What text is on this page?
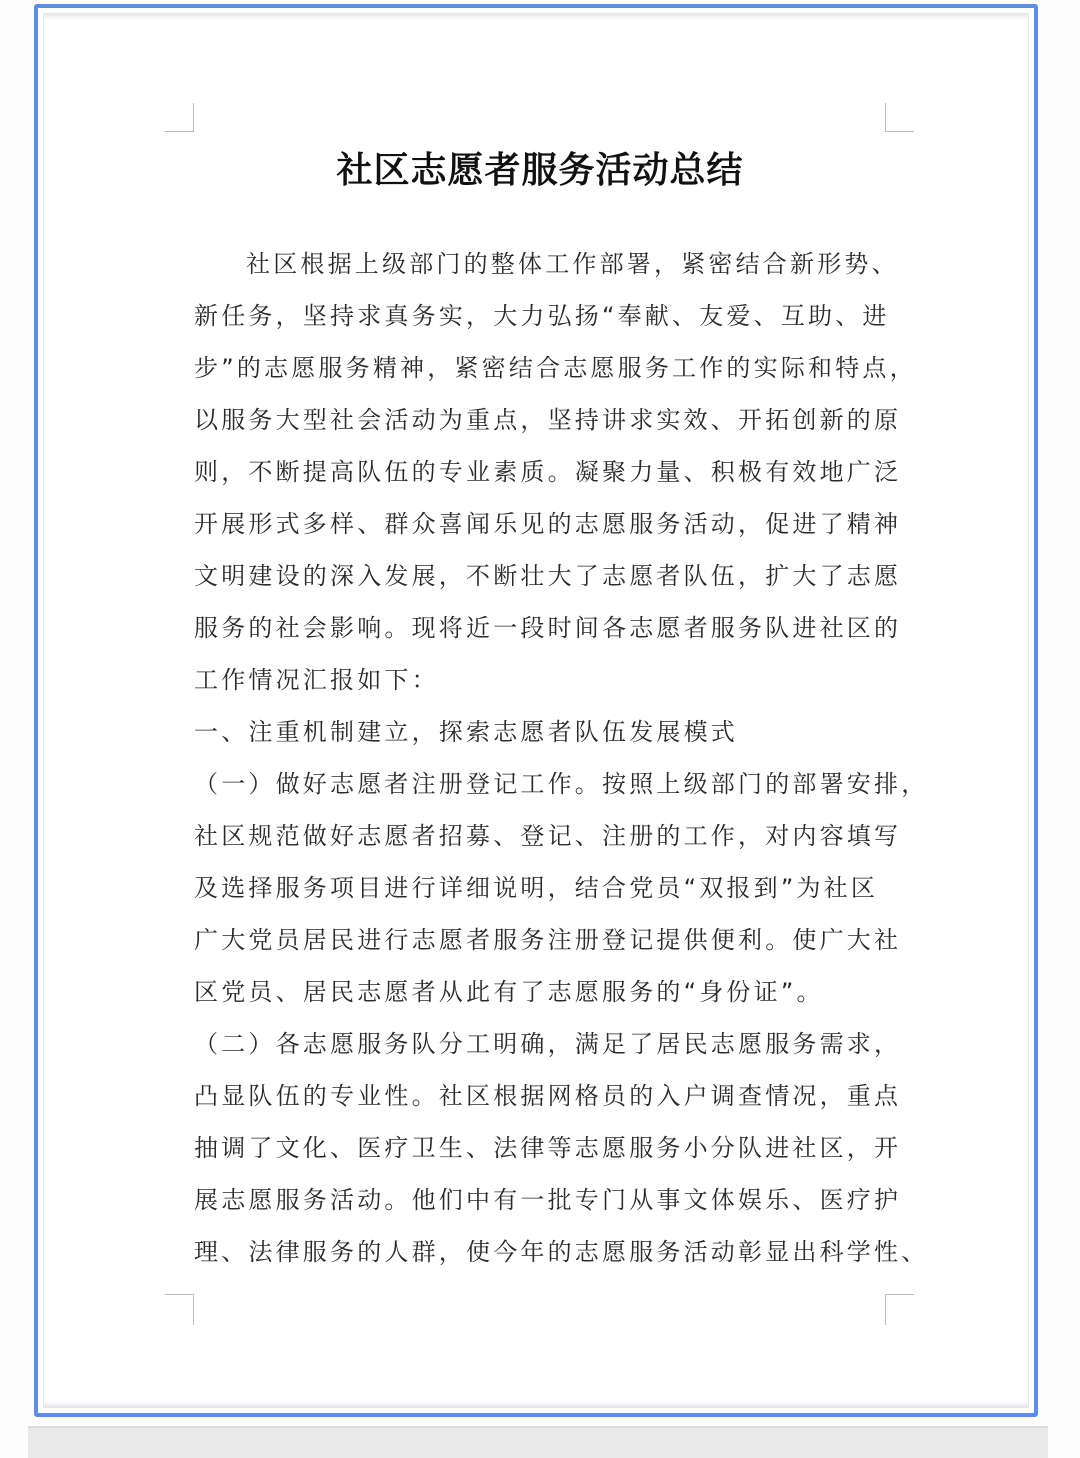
社区志愿者服务活动总结
社区根据上级部门的整体工作部署，紧密结合新形势、
新任务，坚持求真务实，大力弘扬“奉献、友爱、互助、进
步”的志愿服务精神，紧密结合志愿服务工作的实际和特点，
以服务大型社会活动为重点，坚持讲求实效、开拓创新的原
则，不断提高队伍的专业素质。凝聚力量、积极有效地广泛
开展形式多样、群众喜闻乐见的志愿服务活动，促进了精神
文明建设的深入发展，不断壮大了志愿者队伍，扩大了志愿
服务的社会影响。现将近一段时间各志愿者服务队进社区的
工作情况汇报如下：
一、注重机制建立，探索志愿者队伍发展模式
（一）做好志愿者注册登记工作。按照上级部门的部署安排，
社区规范做好志愿者招募、登记、注册的工作，对内容填写
及选择服务项目进行详细说明，结合党员“双报到”为社区
广大党员居民进行志愿者服务注册登记提供便利。使广大社
区党员、居民志愿者从此有了志愿服务的“身份证”。
（二）各志愿服务队分工明确，满足了居民志愿服务需求，
凸显队伍的专业性。社区根据网格员的入户调查情况，重点
抽调了文化、医疗卫生、法律等志愿服务小分队进社区，开
展志愿服务活动。他们中有一批专门从事文体娱乐、医疗护
理、法律服务的人群，使今年的志愿服务活动彰显出科学性、
